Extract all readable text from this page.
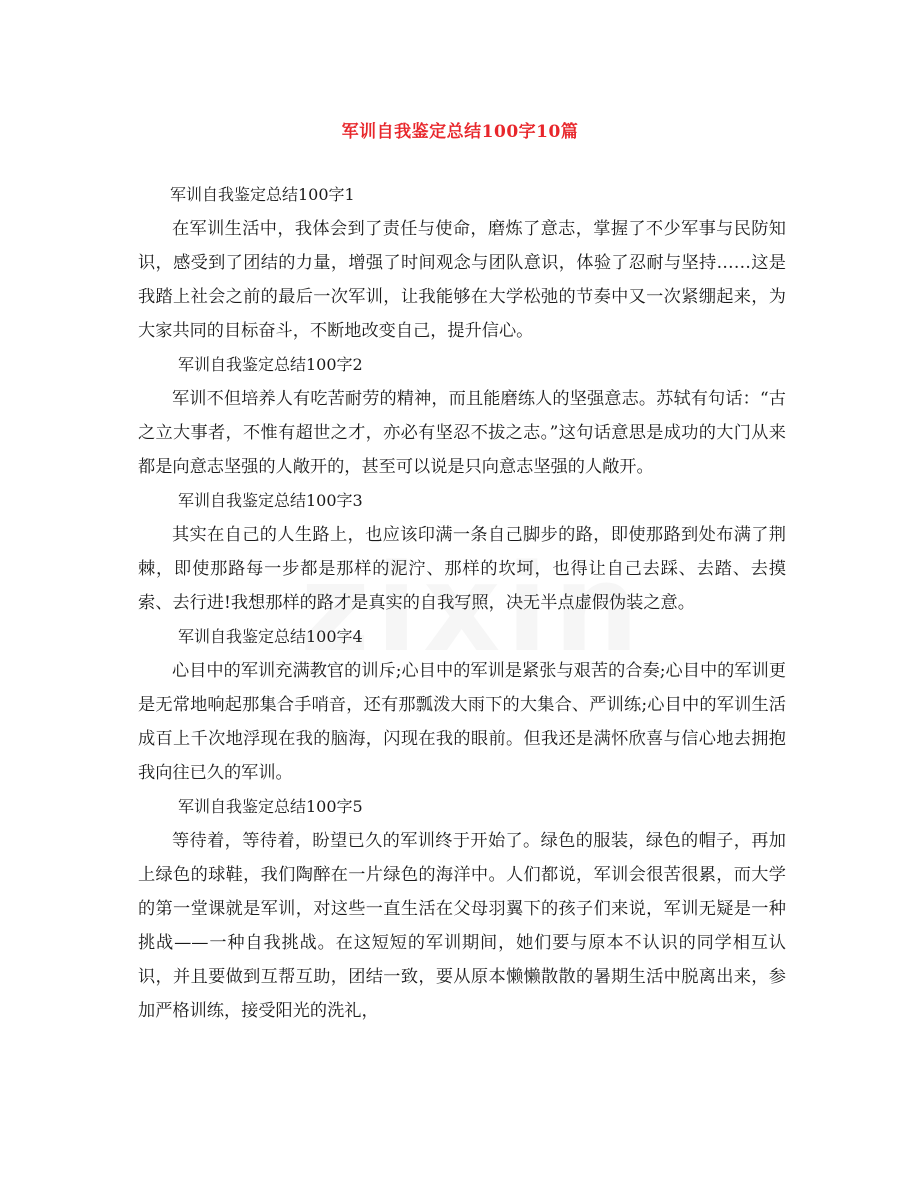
军训自我鉴定总结100字10篇

军训自我鉴定总结100字1

在军训生活中，我体会到了责任与使命，磨炼了意志，掌握了不少军事与民防知识，感受到了团结的力量，增强了时间观念与团队意识，体验了忍耐与坚持……这是我踏上社会之前的最后一次军训，让我能够在大学松弛的节奏中又一次紧绷起来，为大家共同的目标奋斗，不断地改变自己，提升信心。

军训自我鉴定总结100字2

军训不但培养人有吃苦耐劳的精神，而且能磨练人的坚强意志。苏轼有句话：“古之立大事者，不惟有超世之才，亦必有坚忍不拔之志。”这句话意思是成功的大门从来都是向意志坚强的人敞开的，甚至可以说是只向意志坚强的人敞开。

军训自我鉴定总结100字3

其实在自己的人生路上，也应该印满一条自己脚步的路，即使那路到处布满了荆棘，即使那路每一步都是那样的泥泞、那样的坎坷，也得让自己去踩、去踏、去摸索、去行进!我想那样的路才是真实的自我写照，决无半点虚假伪装之意。

军训自我鉴定总结100字4

心目中的军训充满教官的训斥;心目中的军训是紧张与艰苦的合奏;心目中的军训更是无常地响起那集合手哨音，还有那瓢泼大雨下的大集合、严训练;心目中的军训生活成百上千次地浮现在我的脑海，闪现在我的眼前。但我还是满怀欣喜与信心地去拥抱我向往已久的军训。

军训自我鉴定总结100字5

等待着，等待着，盼望已久的军训终于开始了。绿色的服装，绿色的帽子，再加上绿色的球鞋，我们陶醉在一片绿色的海洋中。人们都说，军训会很苦很累，而大学的第一堂课就是军训，对这些一直生活在父母羽翼下的孩子们来说，军训无疑是一种挑战——一种自我挑战。在这短短的军训期间，她们要与原本不认识的同学相互认识，并且要做到互帮互助，团结一致，要从原本懒懒散散的暑期生活中脱离出来，参加严格训练，接受阳光的洗礼，
